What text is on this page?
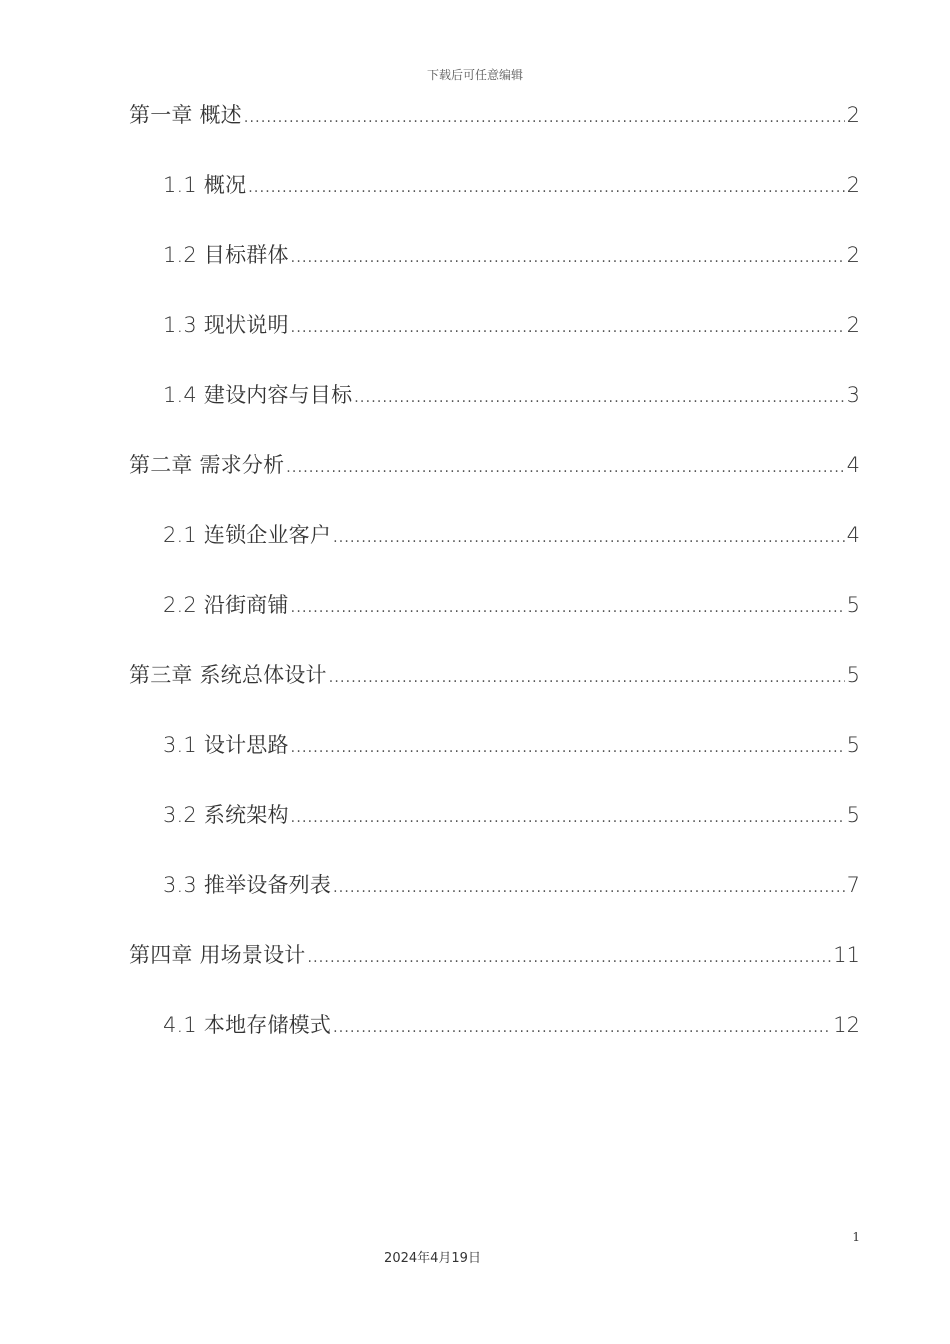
下载后可任意编辑
第一章 概述 .....	2
1.1 概况 .....	2
1.2 目标群体 .....	2
1.3 现状说明 .....	2
1.4 建设内容与目标 .....	3
第二章 需求分析 .....	4
2.1 连锁企业客户 .....	4
2.2 沿街商铺 .....	5
第三章 系统总体设计 .....	5
3.1 设计思路 .....	5
3.2 系统架构 .....	5
3.3 推举设备列表 .....	7
第四章 用场景设计 .....	11
4.1 本地存储模式 .....	12
1
2024年4月19日
